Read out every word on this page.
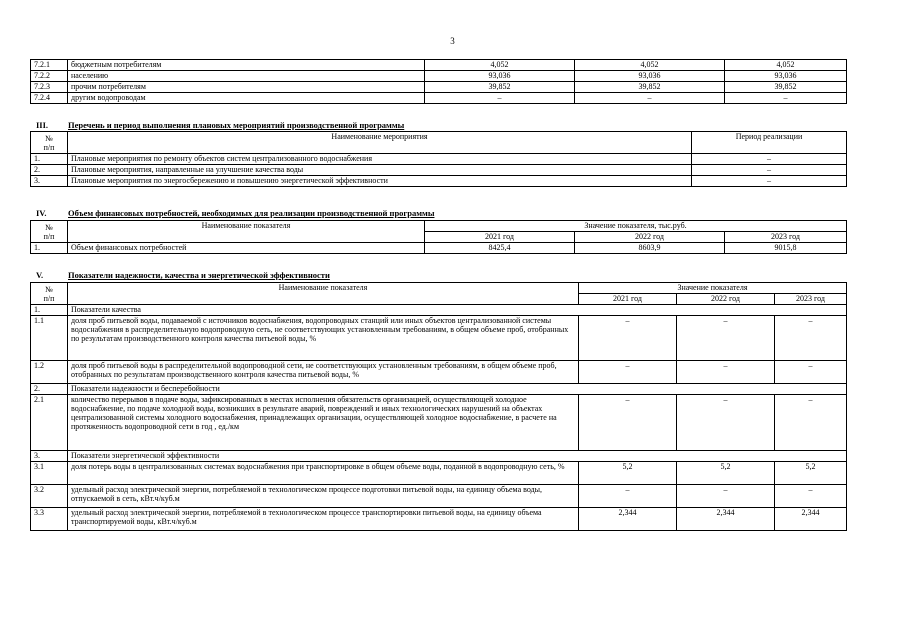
3
7.2.1	бюджетным потребителям	4,052	4,052	4,052
7.2.2	населению	93,036	93,036	93,036
7.2.3	прочим потребителям	39,852	39,852	39,852
7.2.4	другим водопроводам	–	–	–
III. Перечень и период выполнения плановых мероприятий производственной программы
№
п/п	Наименование мероприятия	Период реализации
1.	Плановые мероприятия по ремонту объектов систем централизованного водоснабжения	–
2.	Плановые мероприятия, направленные на улучшение качества воды	–
3.	Плановые мероприятия по энергосбережению и повышению энергетической эффективности	–
IV.	Объем финансовых потребностей, необходимых для реализации производственной программы
№
п/п	Наименование показателя	Значение показателя, тыс.руб.		
		2021 год	2022 год	2023 год
1.	Объем финансовых потребностей	8425,4	8603,9	9015,8
V.	Показатели надежности, качества и энергетической эффективности
№
п/п	Наименование показателя	Значение показателя		
		2021 год	2022 год	2023 год
1.	Показатели качества			
1.1	доля проб питьевой воды, подаваемой с источников водоснабжения, водопроводных станций или иных объектов централизованной системы водоснабжения в распределительную водопроводную сеть, не соответствующих установленным требованиям, в общем объеме проб, отобранных по результатам производственного контроля качества питьевой воды, %	–	–	–
1.2	доля проб питьевой воды в распределительной водопроводной сети, не соответствующих установленным требованиям, в общем объеме проб, отобранных по результатам производственного контроля качества питьевой воды, %	–	–	–
2.	Показатели надежности и бесперебойности			
2.1	количество перерывов в подаче воды, зафиксированных в местах исполнения обязательств организацией, осуществляющей холодное водоснабжение, по подаче холодной воды, возникших в результате аварий, повреждений и иных технологических нарушений на объектах централизованной системы холодного водоснабжения, принадлежащих организации, осуществляющей холодное водоснабжение, в расчете на протяженность водопроводной сети в год , ед./км	–	–	–
3.	Показатели энергетической эффективности			
3.1	доля потерь воды в централизованных системах водоснабжения при транспортировке в общем объеме воды, поданной в водопроводную сеть, %	5,2	5,2	5,2
3.2	удельный расход электрической энергии, потребляемой в технологическом процессе подготовки питьевой воды, на единицу объема воды, отпускаемой в сеть, кВт.ч/куб.м	–	–	–
3.3	удельный расход электрической энергии, потребляемой в технологическом процессе транспортировки питьевой воды, на единицу объема транспортируемой воды, кВт.ч/куб.м	2,344	2,344	2,344
